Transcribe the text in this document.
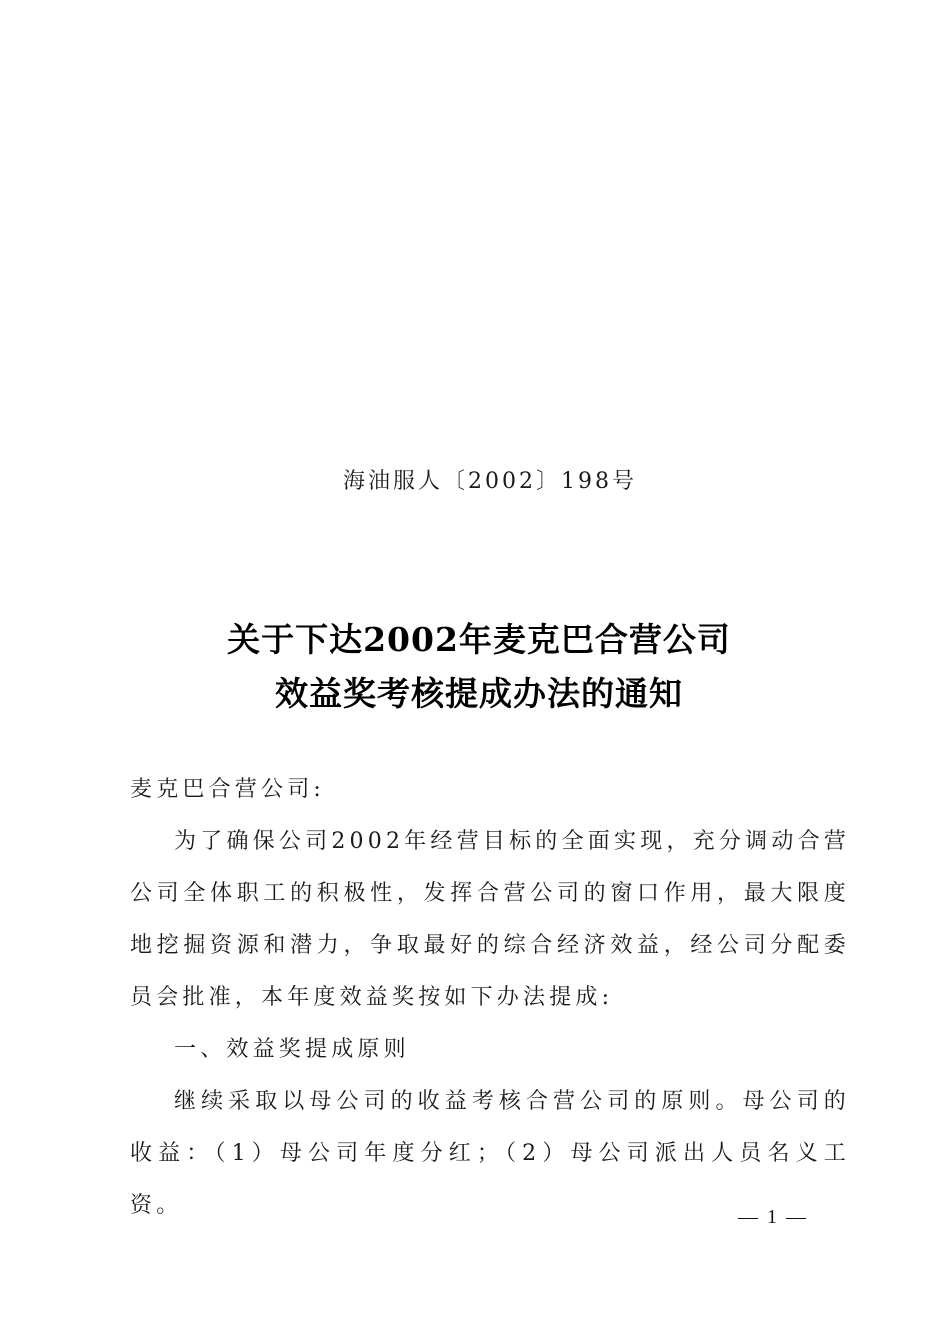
海油服人〔2002〕198号
关于下达2002年麦克巴合营公司
效益奖考核提成办法的通知

麦克巴合营公司:

为了确保公司2002年经营目标的全面实现，充分调动合营公司全体职工的积极性，发挥合营公司的窗口作用，最大限度地挖掘资源和潜力，争取最好的综合经济效益，经公司分配委员会批准，本年度效益奖按如下办法提成:

一、效益奖提成原则

继续采取以母公司的收益考核合营公司的原则。母公司的收益：（1）母公司年度分红；（2）母公司派出人员名义工资。	— 1 —
